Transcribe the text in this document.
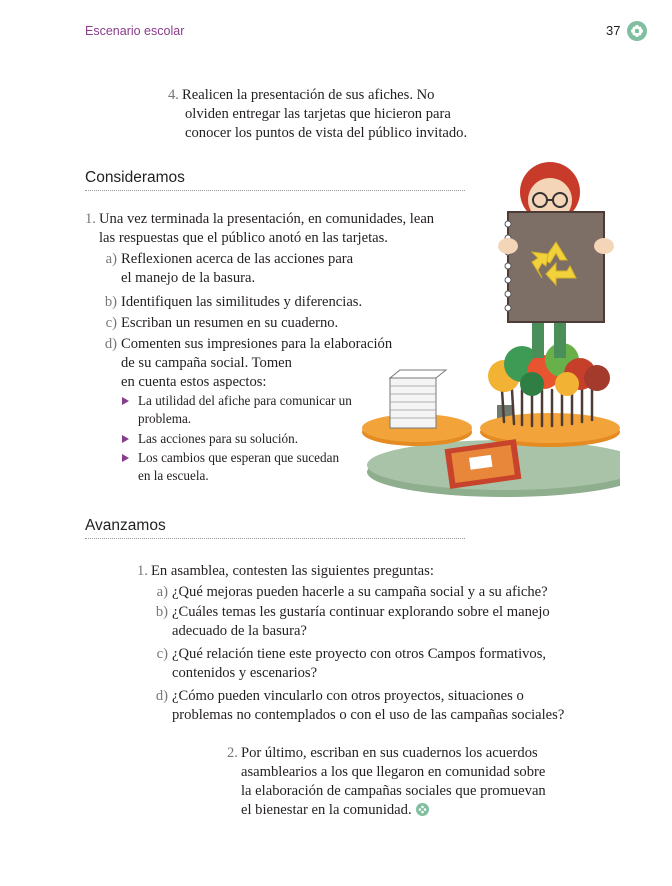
Escenario escolar	37
4. Realicen la presentación de sus afiches. No
olviden entregar las tarjetas que hicieron para
conocer los puntos de vista del público invitado.
Consideramos
1. Una vez terminada la presentación, en comunidades, lean
las respuestas que el público anotó en las tarjetas.
a) Reflexionen acerca de las acciones para
el manejo de la basura.
b) Identifiquen las similitudes y diferencias.
c) Escriban un resumen en su cuaderno.
d) Comenten sus impresiones para la elaboración
de su campaña social. Tomen
en cuenta estos aspectos:
La utilidad del afiche para comunicar un problema.
Las acciones para su solución.
Los cambios que esperan que sucedan en la escuela.
Avanzamos
1. En asamblea, contesten las siguientes preguntas:
a) ¿Qué mejoras pueden hacerle a su campaña social y a su afiche?
b) ¿Cuáles temas les gustaría continuar explorando sobre el manejo
adecuado de la basura?
c) ¿Qué relación tiene este proyecto con otros Campos formativos,
contenidos y escenarios?
d) ¿Cómo pueden vincularlo con otros proyectos, situaciones o
problemas no contemplados o con el uso de las campañas sociales?
2. Por último, escriban en sus cuadernos los acuerdos
asamblearios a los que llegaron en comunidad sobre
la elaboración de campañas sociales que promuevan
el bienestar en la comunidad.
